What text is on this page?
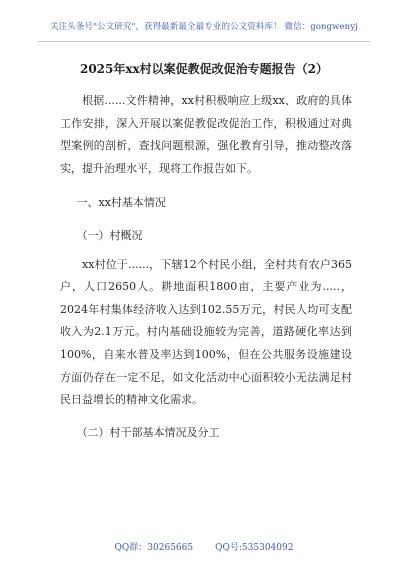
关注头条号"公文研究"，获得最新最全最专业的公文资料库！ 微信：gongwenyj
2025年xx村以案促教促改促治专题报告（2）

根据......文件精神，xx村积极响应上级xx、政府的具体工作安排，深入开展以案促教促改促治工作，积极通过对典型案例的剖析，查找问题根源，强化教育引导，推动整改落实，提升治理水平，现将工作报告如下。

一、xx村基本情况

（一）村概况

xx村位于......，下辖12个村民小组，全村共有农户365户，人口2650人。耕地面积1800亩，主要产业为.....，2024年村集体经济收入达到102.55万元，村民人均可支配收入为2.1万元。村内基础设施较为完善，道路硬化率达到100%，自来水普及率达到100%，但在公共服务设施建设方面仍存在一定不足，如文化活动中心面积较小无法满足村民日益增长的精神文化需求。

（二）村干部基本情况及分工

QQ群：30265665 QQ号:535304092
